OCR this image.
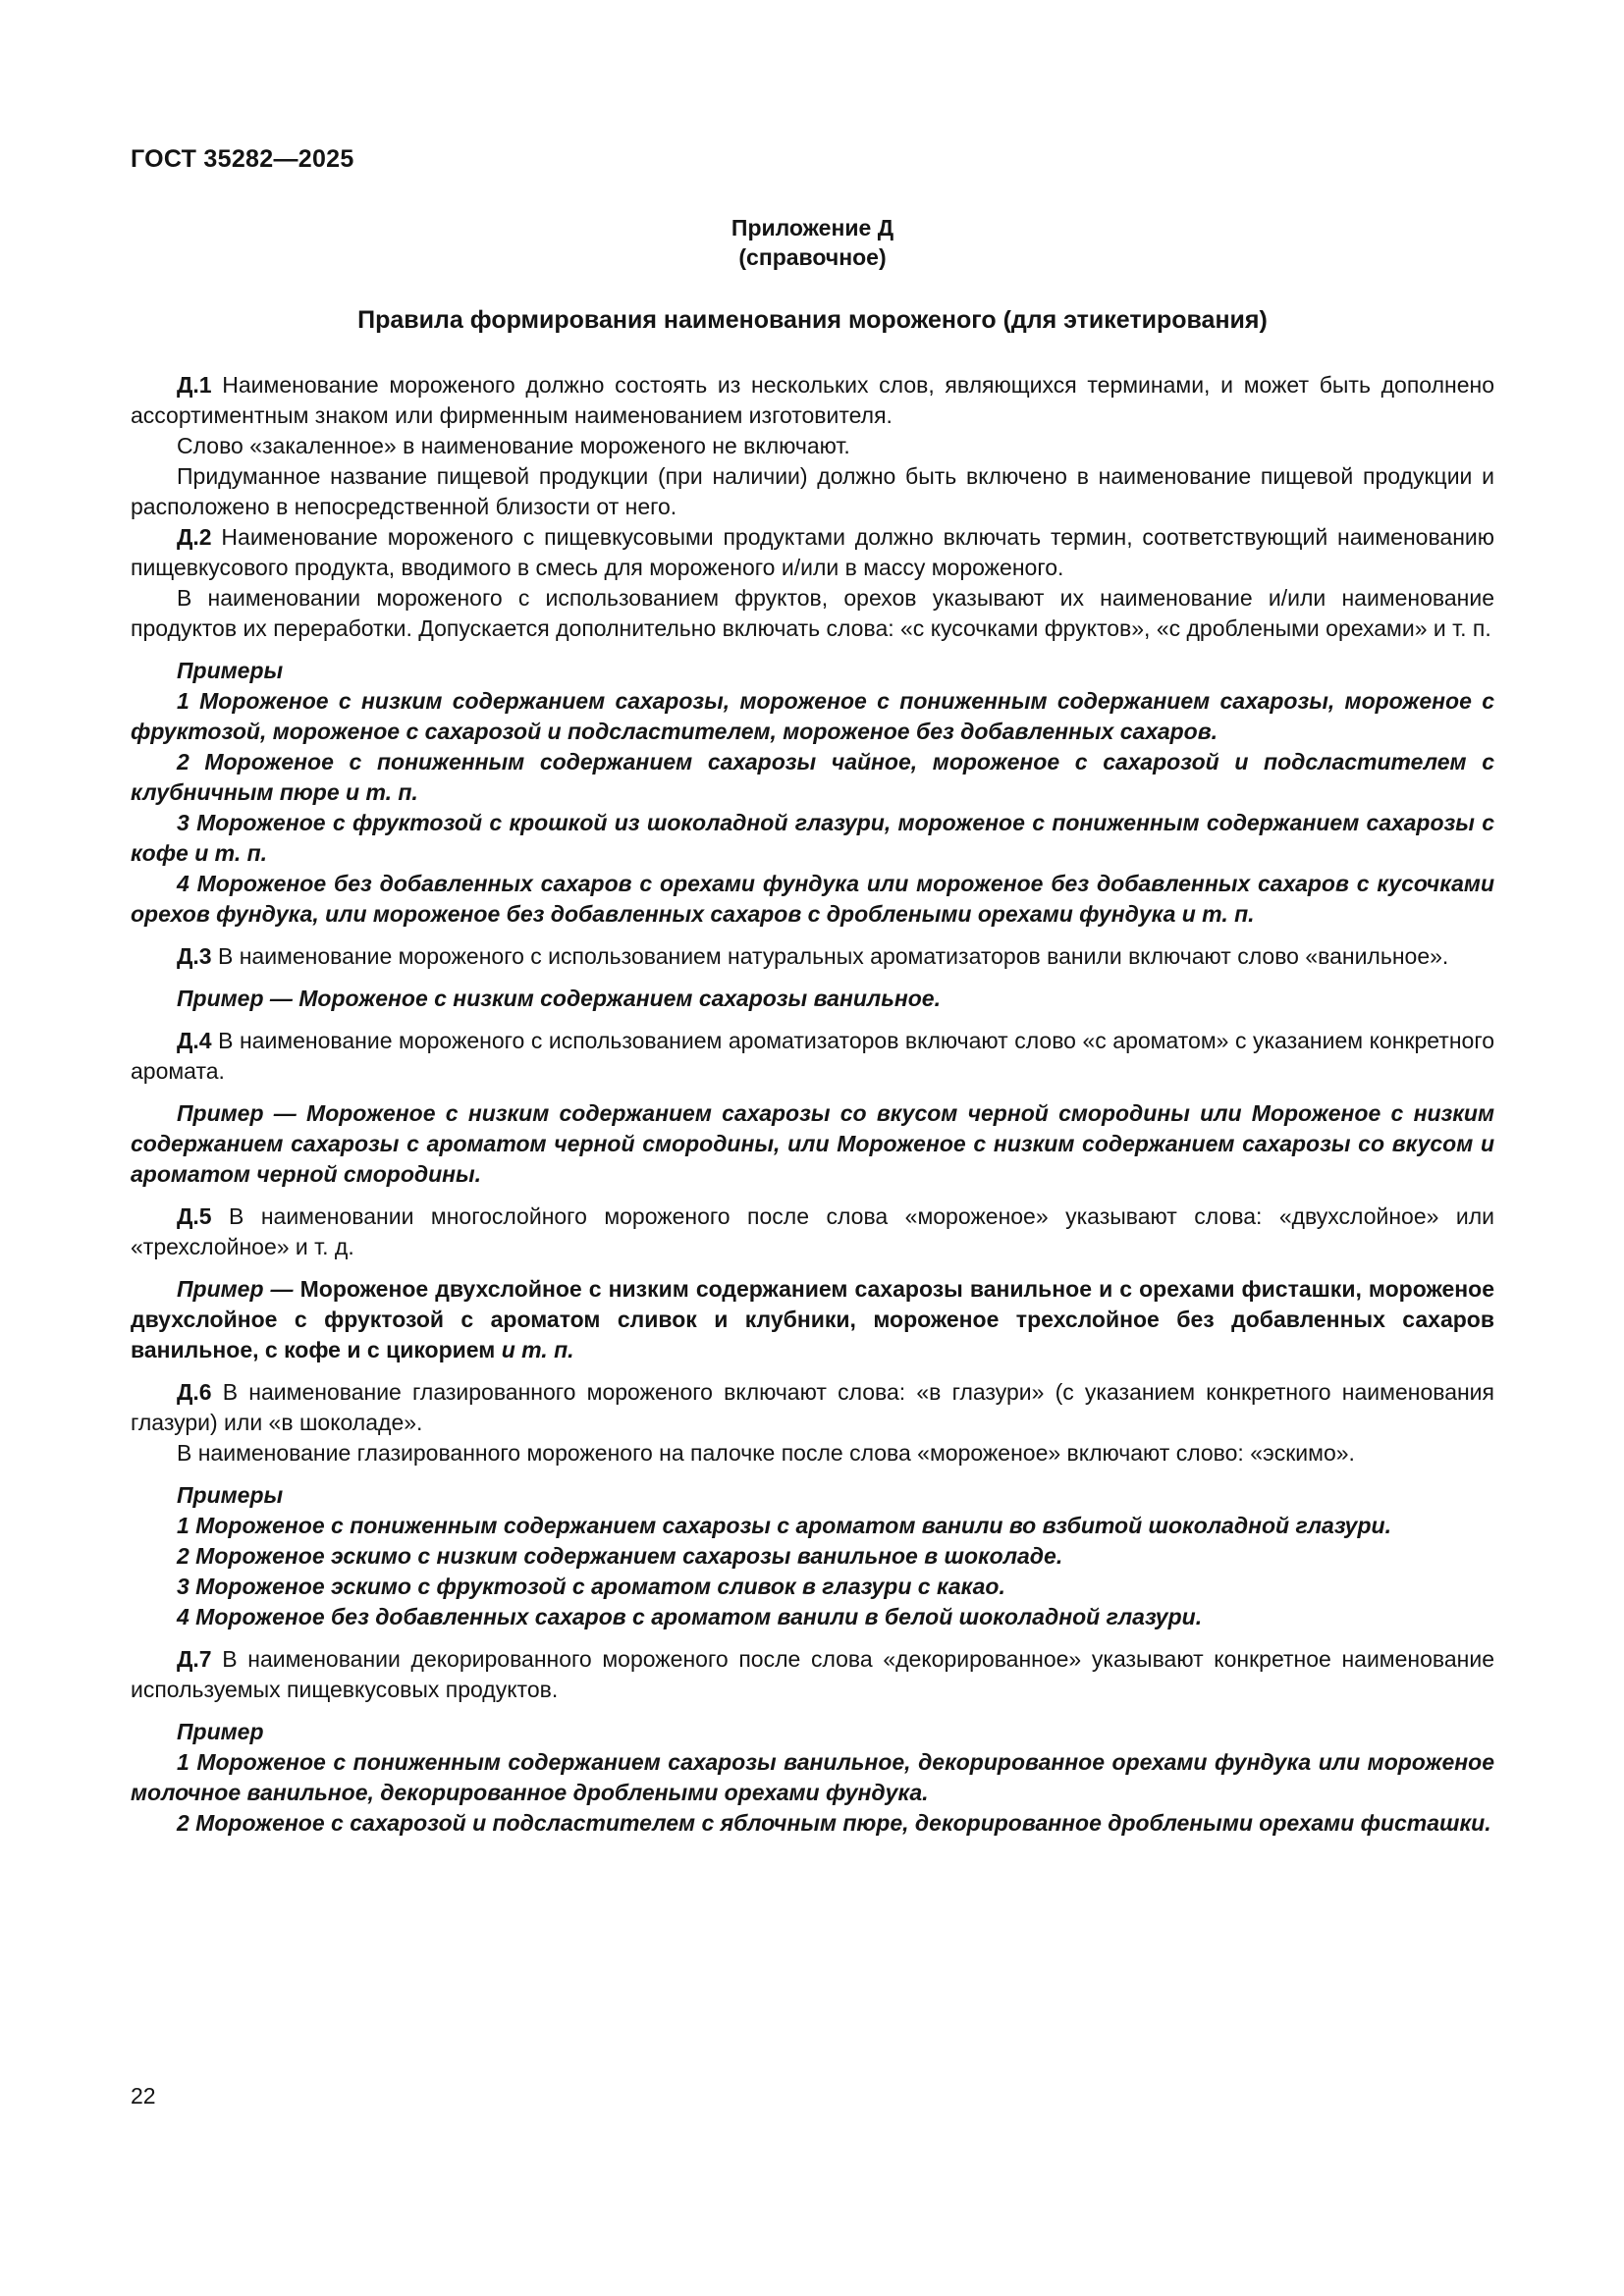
ГОСТ 35282—2025
Приложение Д
(справочное)
Правила формирования наименования мороженого (для этикетирования)

Д.1 Наименование мороженого должно состоять из нескольких слов, являющихся терминами, и может быть дополнено ассортиментным знаком или фирменным наименованием изготовителя.

Слово «закаленное» в наименование мороженого не включают.

Придуманное название пищевой продукции (при наличии) должно быть включено в наименование пищевой продукции и расположено в непосредственной близости от него.

Д.2 Наименование мороженого с пищевкусовыми продуктами должно включать термин, соответствующий наименованию пищевкусового продукта, вводимого в смесь для мороженого и/или в массу мороженого.

В наименовании мороженого с использованием фруктов, орехов указывают их наименование и/или наименование продуктов их переработки. Допускается дополнительно включать слова: «с кусочками фруктов», «с дроблеными орехами» и т. п.

Примеры

1 Мороженое с низким содержанием сахарозы, мороженое с пониженным содержанием сахарозы, мороженое с фруктозой, мороженое с сахарозой и подсластителем, мороженое без добавленных сахаров.

2 Мороженое с пониженным содержанием сахарозы чайное, мороженое с сахарозой и подсластителем с клубничным пюре и т. п.

3 Мороженое с фруктозой с крошкой из шоколадной глазури, мороженое с пониженным содержанием сахарозы с кофе и т. п.

4 Мороженое без добавленных сахаров с орехами фундука или мороженое без добавленных сахаров с кусочками орехов фундука, или мороженое без добавленных сахаров с дроблеными орехами фундука и т. п.

Д.3 В наименование мороженого с использованием натуральных ароматизаторов ванили включают слово «ванильное».

Пример — Мороженое с низким содержанием сахарозы ванильное.

Д.4 В наименование мороженого с использованием ароматизаторов включают слово «с ароматом» с указанием конкретного аромата.

Пример — Мороженое с низким содержанием сахарозы со вкусом черной смородины или Мороженое с низким содержанием сахарозы с ароматом черной смородины, или Мороженое с низким содержанием сахарозы со вкусом и ароматом черной смородины.

Д.5 В наименовании многослойного мороженого после слова «мороженое» указывают слова: «двухслойное» или «трехслойное» и т. д.

Пример — Мороженое двухслойное с низким содержанием сахарозы ванильное и с орехами фисташки, мороженое двухслойное с фруктозой с ароматом сливок и клубники, мороженое трехслойное без добавленных сахаров ванильное, с кофе и с цикорием и т. п.

Д.6 В наименование глазированного мороженого включают слова: «в глазури» (с указанием конкретного наименования глазури) или «в шоколаде».

В наименование глазированного мороженого на палочке после слова «мороженое» включают слово: «эскимо».

Примеры

1 Мороженое с пониженным содержанием сахарозы с ароматом ванили во взбитой шоколадной глазури.

2 Мороженое эскимо с низким содержанием сахарозы ванильное в шоколаде.

3 Мороженое эскимо с фруктозой с ароматом сливок в глазури с какао.

4 Мороженое без добавленных сахаров с ароматом ванили в белой шоколадной глазури.

Д.7 В наименовании декорированного мороженого после слова «декорированное» указывают конкретное наименование используемых пищевкусовых продуктов.

Пример

1 Мороженое с пониженным содержанием сахарозы ванильное, декорированное орехами фундука или мороженое молочное ванильное, декорированное дроблеными орехами фундука.

2 Мороженое с сахарозой и подсластителем с яблочным пюре, декорированное дроблеными орехами фисташки.

22
